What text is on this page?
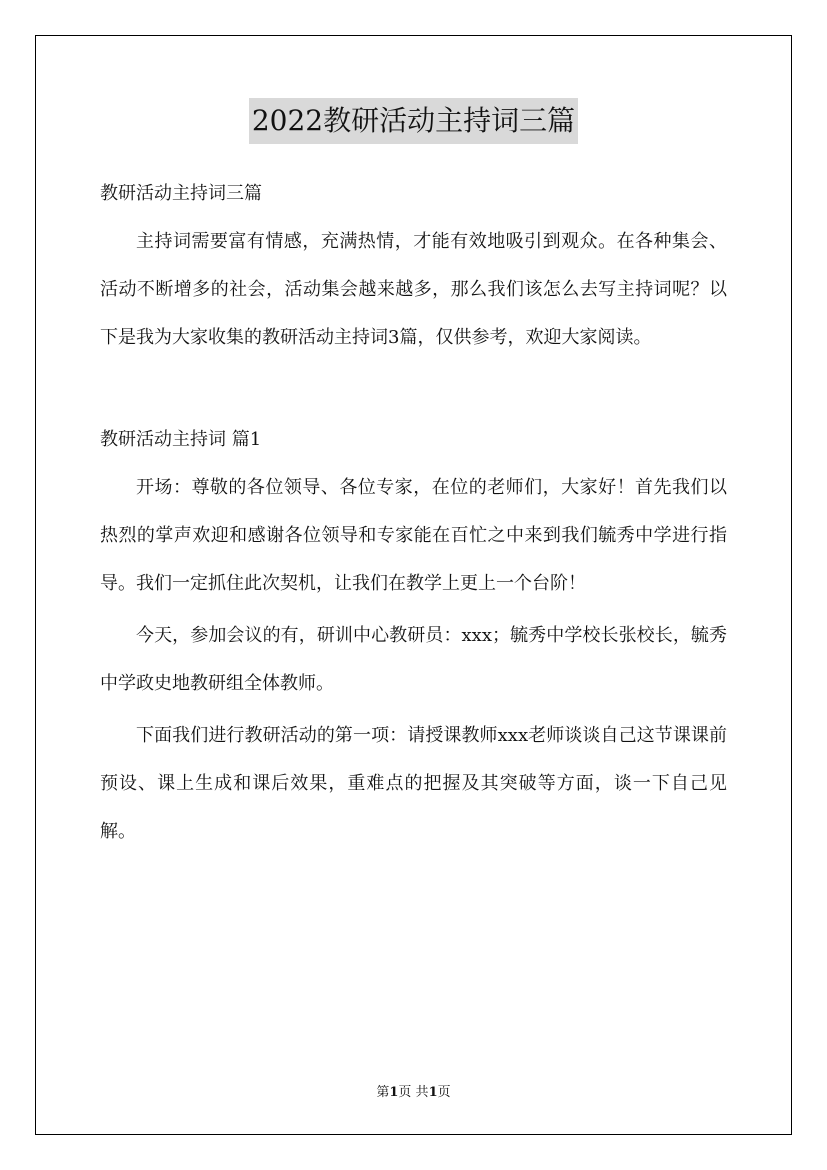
2022教研活动主持词三篇

教研活动主持词三篇

主持词需要富有情感，充满热情，才能有效地吸引到观众。在各种集会、活动不断增多的社会，活动集会越来越多，那么我们该怎么去写主持词呢？以下是我为大家收集的教研活动主持词3篇，仅供参考，欢迎大家阅读。

教研活动主持词 篇1

开场：尊敬的各位领导、各位专家，在位的老师们，大家好！首先我们以热烈的掌声欢迎和感谢各位领导和专家能在百忙之中来到我们毓秀中学进行指导。我们一定抓住此次契机，让我们在教学上更上一个台阶！

今天，参加会议的有，研训中心教研员：xxx；毓秀中学校长张校长，毓秀中学政史地教研组全体教师。

下面我们进行教研活动的第一项：请授课教师xxx老师谈谈自己这节课课前预设、课上生成和课后效果，重难点的把握及其突破等方面，谈一下自己见解。

第1页 共1页
